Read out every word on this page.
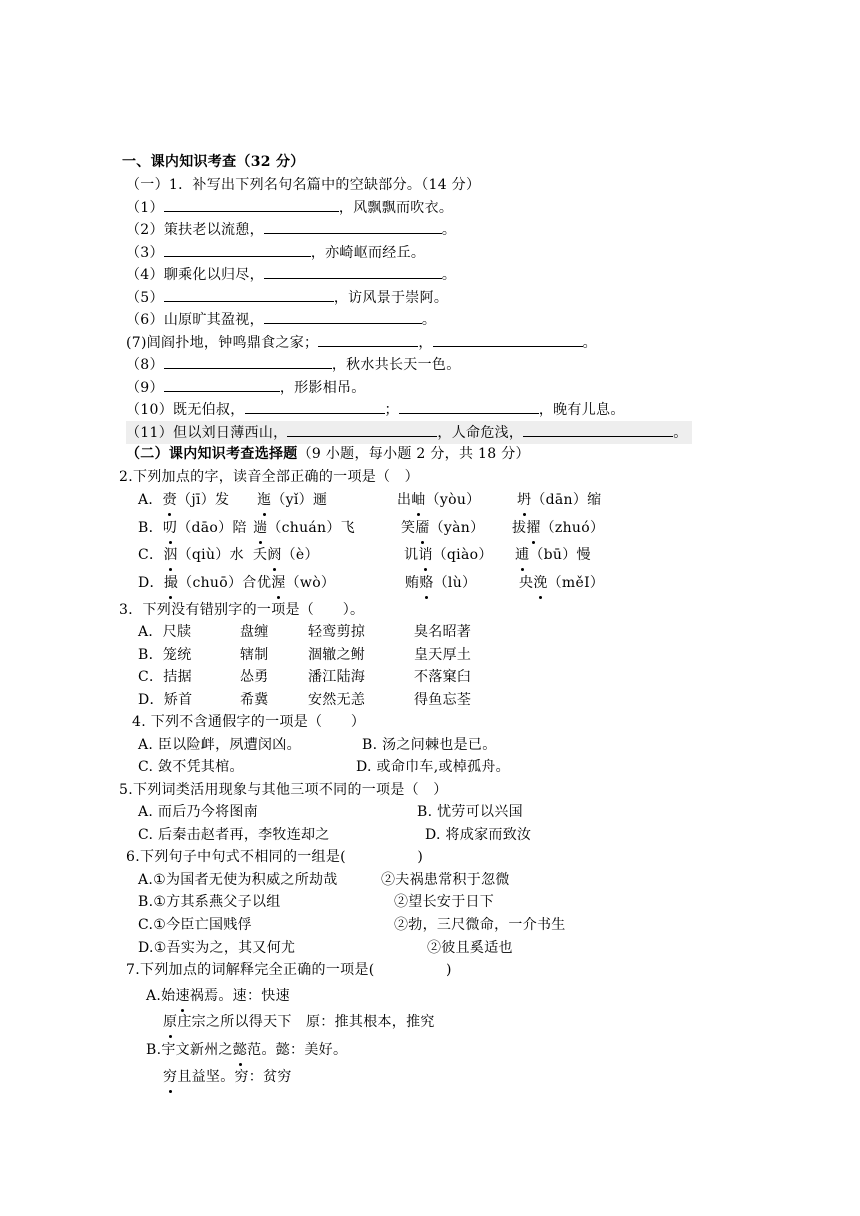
一、课内知识考查（32 分）
（一）1．补写出下列名句名篇中的空缺部分。（14 分）
（1）	，风飘飘而吹衣。
（2）策扶老以流憩，	。
（3）	，亦崎岖而经丘。
（4）聊乘化以归尽，	。
（5）	，访风景于崇阿。
（6）山原旷其盈视，	。
(7)闾阎扑地，钟鸣鼎食之家；	，	。
（8）	，秋水共长天一色。
（9）	，形影相吊。
（10）既无伯叔，	；	，晚有儿息。
（11）但以刘日薄西山，	，人命危浅，	。
（二）课内知识考查选择题（9 小题，每小题 2 分，共 18 分）
2.下列加点的字，读音全部正确的一项是（　）
A．赍（jī）发 迤（yǐ）逦	出岫（yòu）	坍（dān）缩
B．叨（dāo）陪 遄（chuán）飞	笑靥（yàn） 拔擢（zhuó）
C．泅（qiù）水 夭阏（è）	讥诮（qiào） 逋（bū）慢
D．撮（chuō）合 优渥（wò）	贿赂（lù）	央浼（měI）
3．下列没有错别字的一项是（　　）。
A．尺牍	盘缠	轻鸾剪掠	臭名昭著
B．笼统	辖制	涸辙之鲋	皇天厚土
C．拮据	怂勇	潘江陆海	不落窠臼
D．矫首	希冀	安然无恙	得鱼忘荃
4. 下列不含通假字的一项是（　　）
A. 臣以险衅，夙遭闵凶。	B. 汤之问棘也是已。
C. 敛不凭其棺。	D. 或命巾车,或棹孤舟。
5.下列词类活用现象与其他三项不同的一项是（　）
A. 而后乃今将图南	B. 忧劳可以兴国
C. 后秦击赵者再，李牧连却之	D. 将成家而致汝
6.下列句子中句式不相同的一组是(　　　　　)
A.①为国者无使为积威之所劫哉	②夫祸患常积于忽微
B.①方其系燕父子以组	②望长安于日下
C.①今臣亡国贱俘	②勃，三尺微命，一介书生
D.①吾实为之，其又何尤	②彼且奚适也
7.下列加点的词解释完全正确的一项是(　　　　　)
A.始速祸焉。速：快速
原庄宗之所以得天下　原：推其根本，推究
B.宇文新州之懿范。懿：美好。
穷且益坚。穷：贫穷
